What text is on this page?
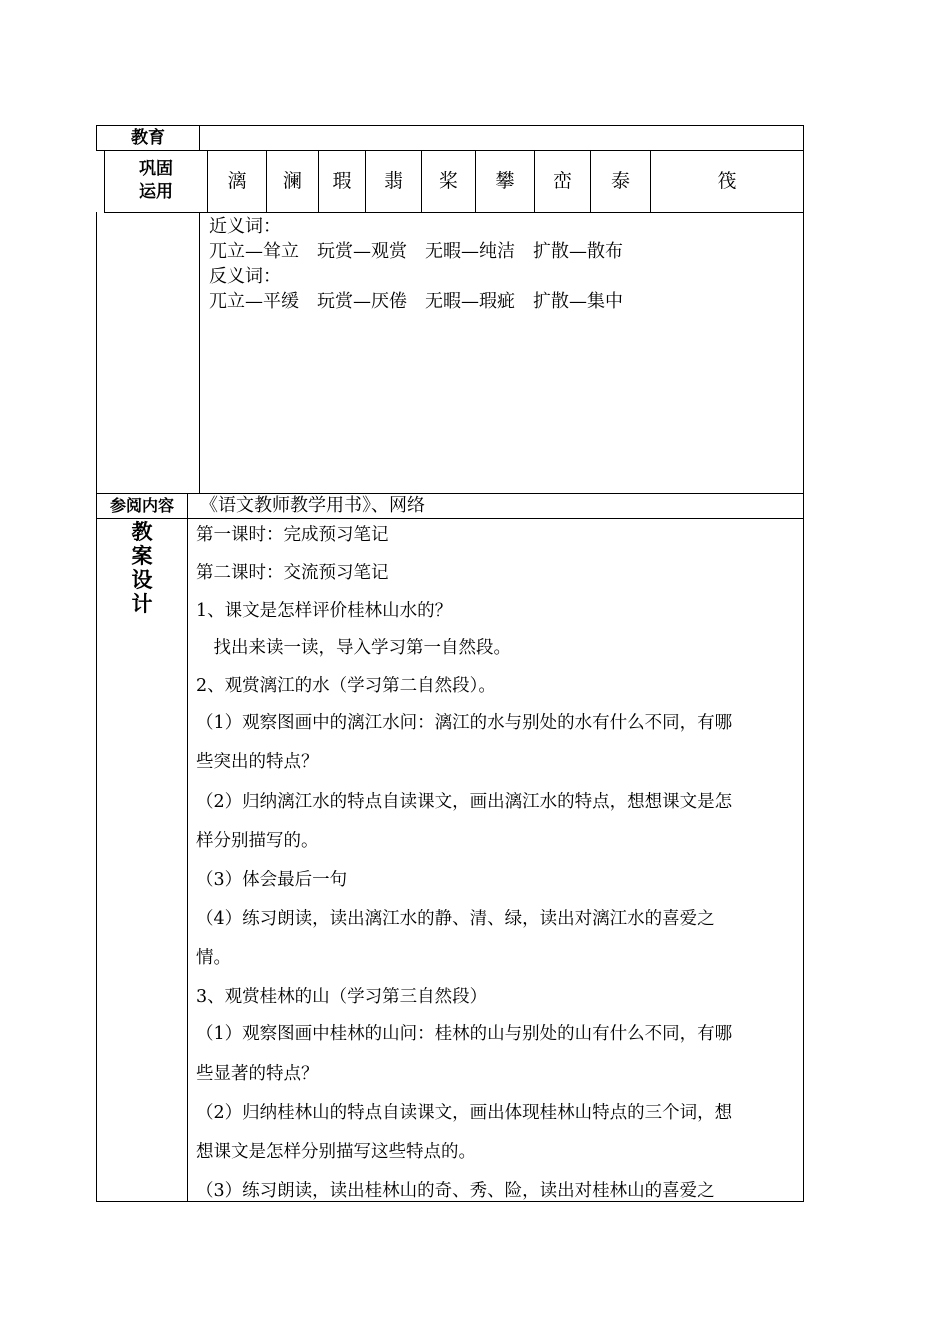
教育
巩固
运用	漓	澜	瑕	翡	桨	攀	峦	泰	筏
近义词：
兀立—耸立　玩赏—观赏　无暇—纯洁　扩散—散布
反义词：
兀立—平缓　玩赏—厌倦　无暇—瑕疵　扩散—集中
参阅内容	《语文教师教学用书》、网络
教
案
设
计
第一课时：完成预习笔记
第二课时：交流预习笔记
1、课文是怎样评价桂林山水的？
　找出来读一读，导入学习第一自然段。
2、观赏漓江的水（学习第二自然段）。
（1）观察图画中的漓江水问：漓江的水与别处的水有什么不同，有哪
些突出的特点？
（2）归纳漓江水的特点自读课文，画出漓江水的特点，想想课文是怎
样分别描写的。
（3）体会最后一句
（4）练习朗读，读出漓江水的静、清、绿，读出对漓江水的喜爱之
情。
3、观赏桂林的山（学习第三自然段）
（1）观察图画中桂林的山问：桂林的山与别处的山有什么不同，有哪
些显著的特点？
（2）归纳桂林山的特点自读课文，画出体现桂林山特点的三个词，想
想课文是怎样分别描写这些特点的。
（3）练习朗读，读出桂林山的奇、秀、险，读出对桂林山的喜爱之
